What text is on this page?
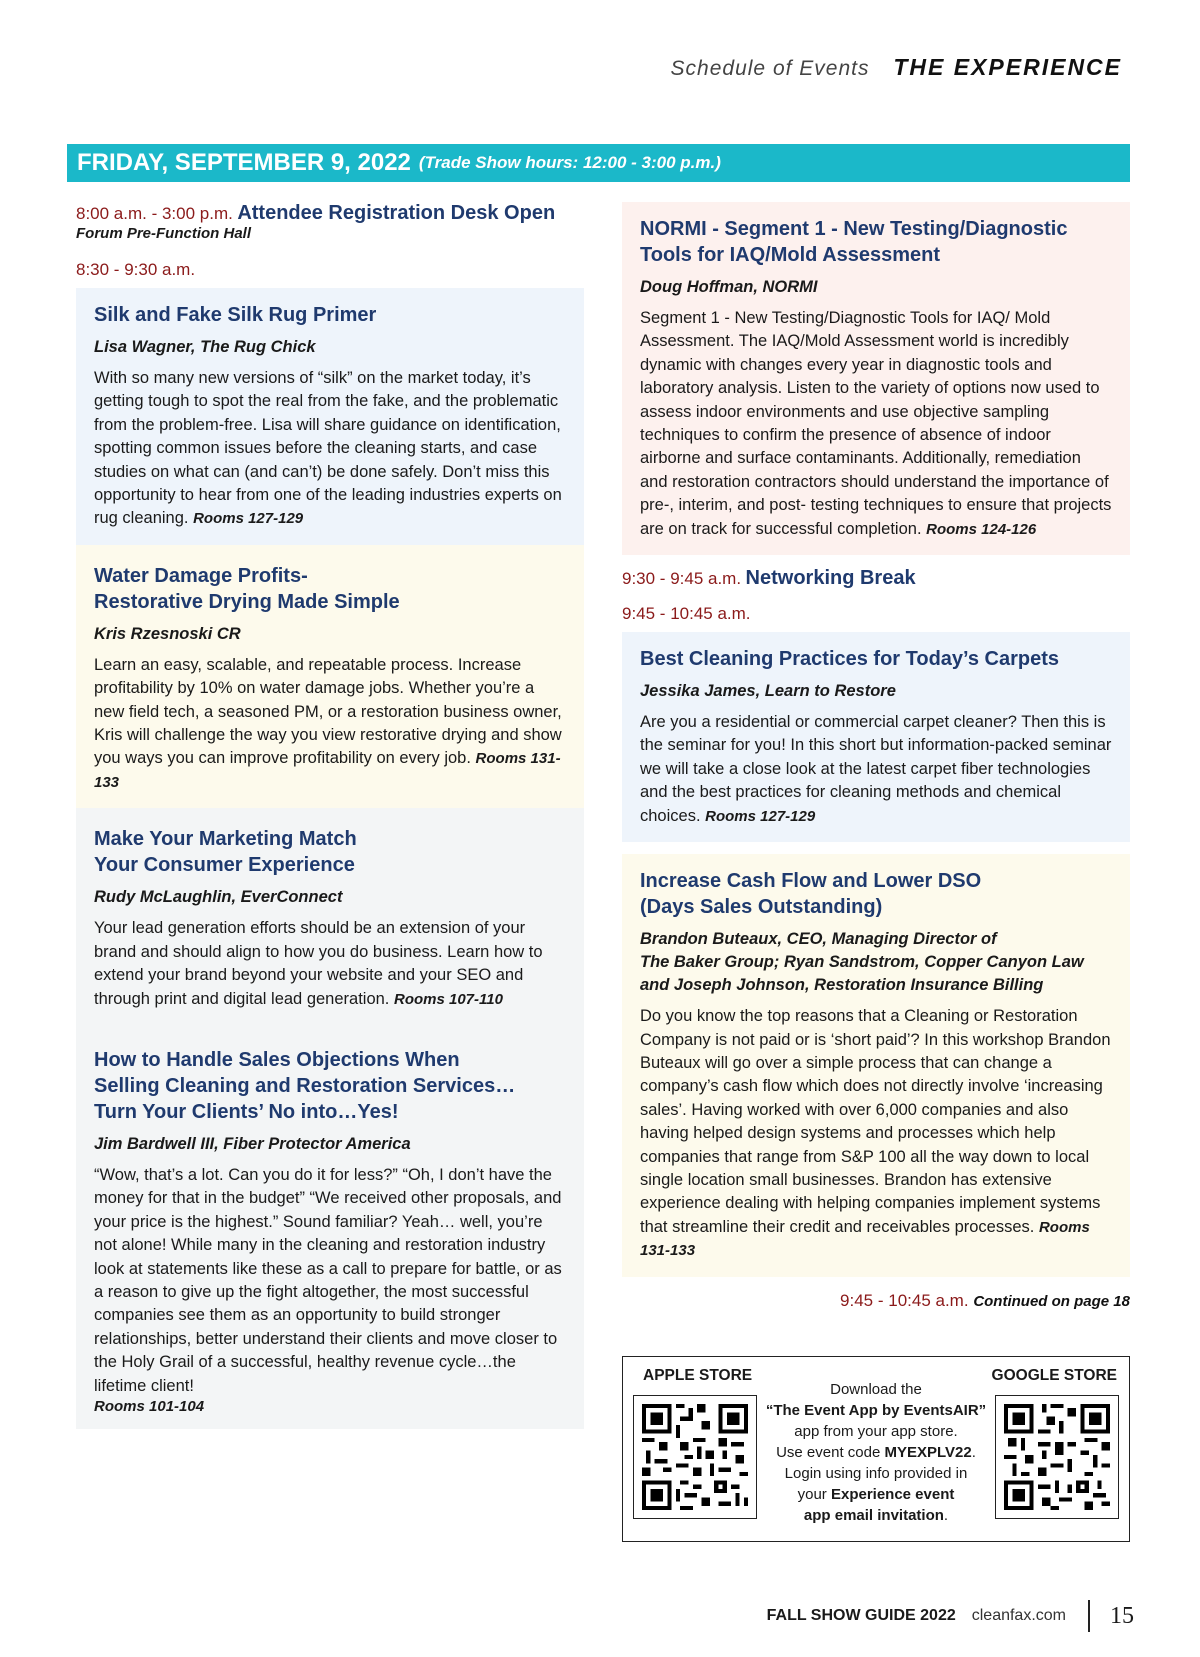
Schedule of Events THE EXPERIENCE
FRIDAY, SEPTEMBER 9, 2022 (Trade Show hours: 12:00 - 3:00 p.m.)
8:00 a.m. - 3:00 p.m. Attendee Registration Desk Open
Forum Pre-Function Hall
8:30 - 9:30 a.m.
Silk and Fake Silk Rug Primer
Lisa Wagner, The Rug Chick
With so many new versions of “silk” on the market today, it’s getting tough to spot the real from the fake, and the problematic from the problem-free. Lisa will share guidance on identification, spotting common issues before the cleaning starts, and case studies on what can (and can’t) be done safely. Don’t miss this opportunity to hear from one of the leading industries experts on rug cleaning. Rooms 127-129
Water Damage Profits-
Restorative Drying Made Simple
Kris Rzesnoski CR
Learn an easy, scalable, and repeatable process. Increase profitability by 10% on water damage jobs. Whether you’re a new field tech, a seasoned PM, or a restoration business owner, Kris will challenge the way you view restorative drying and show you ways you can improve profitability on every job. Rooms 131-133
Make Your Marketing Match
Your Consumer Experience
Rudy McLaughlin, EverConnect
Your lead generation efforts should be an extension of your brand and should align to how you do business. Learn how to extend your brand beyond your website and your SEO and through print and digital lead generation. Rooms 107-110
How to Handle Sales Objections When
Selling Cleaning and Restoration Services…
Turn Your Clients’ No into…Yes!
Jim Bardwell III, Fiber Protector America
“Wow, that’s a lot. Can you do it for less?” “Oh, I don’t have the money for that in the budget” “We received other proposals, and your price is the highest.” Sound familiar? Yeah… well, you’re not alone! While many in the cleaning and restoration industry look at statements like these as a call to prepare for battle, or as a reason to give up the fight altogether, the most successful companies see them as an opportunity to build stronger relationships, better understand their clients and move closer to the Holy Grail of a successful, healthy revenue cycle…the lifetime client!
Rooms 101-104
NORMI - Segment 1 - New Testing/Diagnostic
Tools for IAQ/Mold Assessment
Doug Hoffman, NORMI
Segment 1 - New Testing/Diagnostic Tools for IAQ/ Mold Assessment. The IAQ/Mold Assessment world is incredibly dynamic with changes every year in diagnostic tools and laboratory analysis. Listen to the variety of options now used to assess indoor environments and use objective sampling techniques to confirm the presence of absence of indoor airborne and surface contaminants. Additionally, remediation and restoration contractors should understand the importance of pre-, interim, and post- testing techniques to ensure that projects are on track for successful completion. Rooms 124-126
9:30 - 9:45 a.m. Networking Break
9:45 - 10:45 a.m.
Best Cleaning Practices for Today’s Carpets
Jessika James, Learn to Restore
Are you a residential or commercial carpet cleaner? Then this is the seminar for you! In this short but information-packed seminar we will take a close look at the latest carpet fiber technologies and the best practices for cleaning methods and chemical choices. Rooms 127-129
Increase Cash Flow and Lower DSO
(Days Sales Outstanding)
Brandon Buteaux, CEO, Managing Director of
The Baker Group; Ryan Sandstrom, Copper Canyon Law
and Joseph Johnson, Restoration Insurance Billing
Do you know the top reasons that a Cleaning or Restoration Company is not paid or is ‘short paid’? In this workshop Brandon Buteaux will go over a simple process that can change a company’s cash flow which does not directly involve ‘increasing sales’. Having worked with over 6,000 companies and also having helped design systems and processes which help companies that range from S&P 100 all the way down to local single location small businesses. Brandon has extensive experience dealing with helping companies implement systems that streamline their credit and receivables processes. Rooms 131-133
9:45 - 10:45 a.m. Continued on page 18
APPLE STORE
Download the
“The Event App by EventsAIR”
app from your app store.
Use event code MYEXPLV22.
Login using info provided in
your Experience event
app email invitation.
GOOGLE STORE
FALL SHOW GUIDE 2022 cleanfax.com 15
